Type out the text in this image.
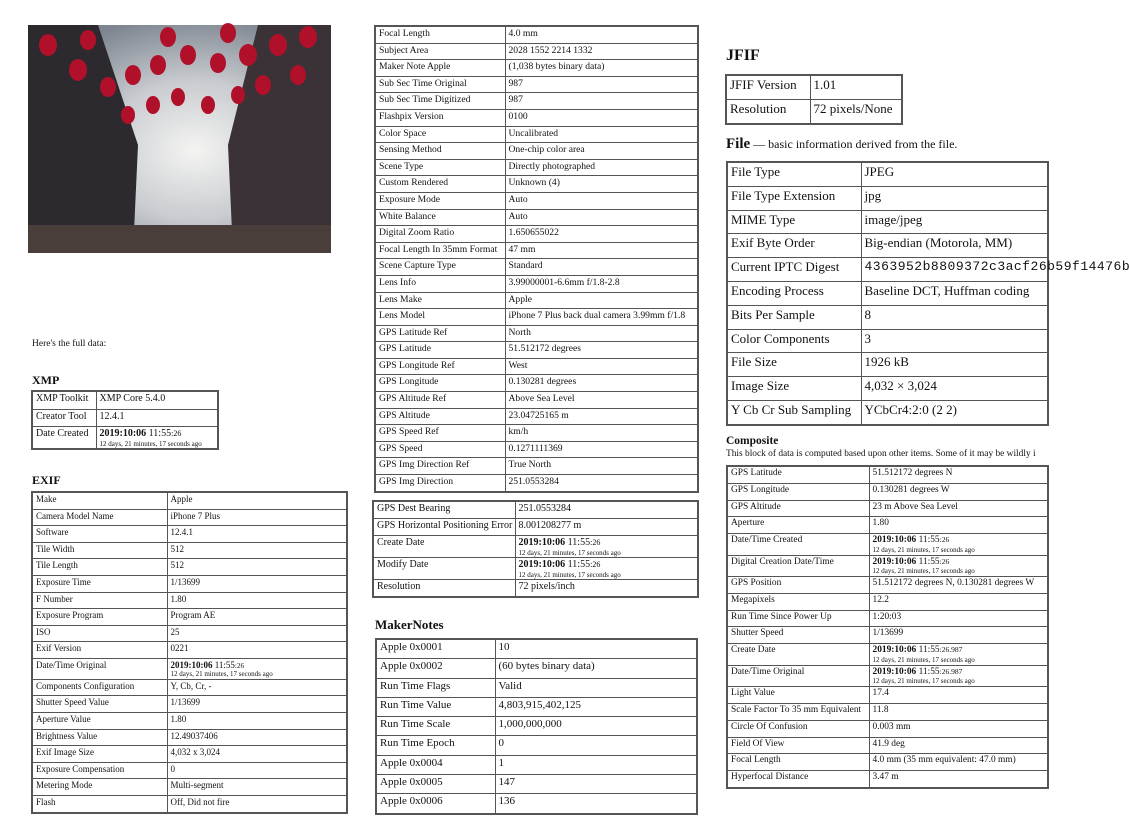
Here's the full data:
XMP
XMP Toolkit	XMP Core 5.4.0
Creator Tool	12.4.1
Date Created	2019:10:06 11:55:26
12 days, 21 minutes, 17 seconds ago
EXIF
Make	Apple
Camera Model Name	iPhone 7 Plus
Software	12.4.1
Tile Width	512
Tile Length	512
Exposure Time	1/13699
F Number	1.80
Exposure Program	Program AE
ISO	25
Exif Version	0221
Date/Time Original	2019:10:06 11:55:26
12 days, 21 minutes, 17 seconds ago

Components Configuration	Y, Cb, Cr, -
Shutter Speed Value	1/13699
Aperture Value	1.80
Brightness Value	12.49037406
Exif Image Size	4,032 x 3,024
Exposure Compensation	0
Metering Mode	Multi-segment
Flash	Off, Did not fire
Focal Length	4.0 mm
Subject Area	2028 1552 2214 1332
Maker Note Apple	(1,038 bytes binary data)
Sub Sec Time Original	987
Sub Sec Time Digitized	987
Flashpix Version	0100
Color Space	Uncalibrated
Sensing Method	One-chip color area
Scene Type	Directly photographed
Custom Rendered	Unknown (4)
Exposure Mode	Auto
White Balance	Auto
Digital Zoom Ratio	1.650655022
Focal Length In 35mm Format	47 mm
Scene Capture Type	Standard
Lens Info	3.99000001-6.6mm f/1.8-2.8
Lens Make	Apple
Lens Model	iPhone 7 Plus back dual camera 3.99mm f/1.8
GPS Latitude Ref	North
GPS Latitude	51.512172 degrees
GPS Longitude Ref	West
GPS Longitude	0.130281 degrees
GPS Altitude Ref	Above Sea Level
GPS Altitude	23.04725165 m
GPS Speed Ref	km/h
GPS Speed	0.1271111369
GPS Img Direction Ref	True North
GPS Img Direction	251.0553284
GPS Dest Bearing	251.0553284
GPS Horizontal Positioning Error	8.001208277 m
Create Date	2019:10:06 11:55:26
12 days, 21 minutes, 17 seconds ago

Modify Date	2019:10:06 11:55:26
12 days, 21 minutes, 17 seconds ago

Resolution	72 pixels/inch
MakerNotes
Apple 0x0001	10
Apple 0x0002	(60 bytes binary data)
Run Time Flags	Valid
Run Time Value	4,803,915,402,125
Run Time Scale	1,000,000,000
Run Time Epoch	0
Apple 0x0004	1
Apple 0x0005	147
Apple 0x0006	136
JFIF
JFIF Version	1.01
Resolution	72 pixels/None
File — basic information derived from the file.
File Type	JPEG
File Type Extension	jpg
MIME Type	image/jpeg
Exif Byte Order	Big-endian (Motorola, MM)
Current IPTC Digest	4363952b8809372c3acf26b59f14476b
Encoding Process	Baseline DCT, Huffman coding
Bits Per Sample	8
Color Components	3
File Size	1926 kB
Image Size	4,032 × 3,024
Y Cb Cr Sub Sampling	YCbCr4:2:0 (2 2)
Composite
This block of data is computed based upon other items. Some of it may be wildly i
GPS Latitude	51.512172 degrees N
GPS Longitude	0.130281 degrees W
GPS Altitude	23 m Above Sea Level
Aperture	1.80
Date/Time Created	2019:10:06 11:55:26
12 days, 21 minutes, 17 seconds ago

Digital Creation Date/Time	2019:10:06 11:55:26
12 days, 21 minutes, 17 seconds ago

GPS Position	51.512172 degrees N, 0.130281 degrees W
Megapixels	12.2
Run Time Since Power Up	1:20:03
Shutter Speed	1/13699
Create Date	2019:10:06 11:55:26.987
12 days, 21 minutes, 17 seconds ago

Date/Time Original	2019:10:06 11:55:26.987
12 days, 21 minutes, 17 seconds ago

Light Value	17.4
Scale Factor To 35 mm Equivalent	11.8
Circle Of Confusion	0.003 mm
Field Of View	41.9 deg
Focal Length	4.0 mm (35 mm equivalent: 47.0 mm)
Hyperfocal Distance	3.47 m
